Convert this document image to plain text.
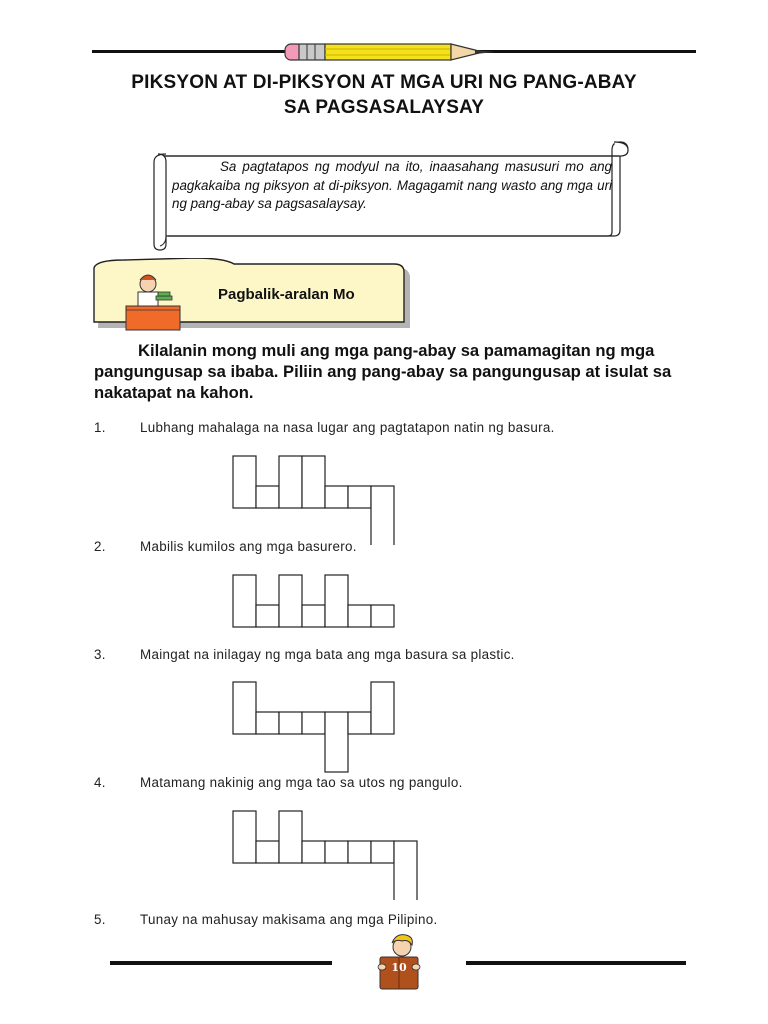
PIKSYON AT DI-PIKSYON AT MGA URI NG PANG-ABAY
SA PAGSASALAYSAY

Sa pagtatapos ng modyul na ito, inaasahang masusuri mo ang pagkakaiba ng piksyon at di-piksyon. Magagamit nang wasto ang mga uri ng pang-abay sa pagsasalaysay.

Pagbalik-aralan Mo

Kilalanin mong muli ang mga pang-abay sa pamamagitan ng mga pangungusap sa ibaba. Piliin ang pang-abay sa pangungusap at isulat sa nakatapat na kahon.

1.	Lubhang mahalaga na nasa lugar ang pagtatapon natin ng basura.
2.	Mabilis kumilos ang mga basurero.
3.	Maingat na inilagay ng mga bata ang mga basura sa plastic.
4.	Matamang nakinig ang mga tao sa utos ng pangulo.
5.	Tunay na mahusay makisama ang mga Pilipino.
10
